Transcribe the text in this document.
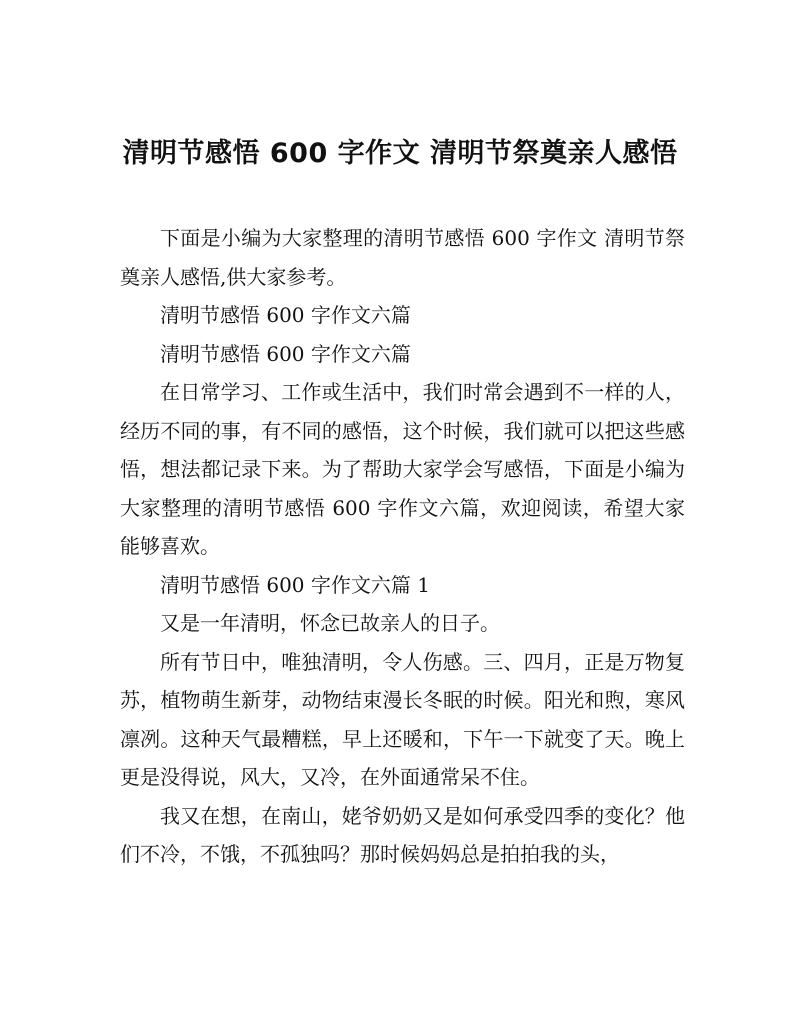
清明节感悟 600 字作文 清明节祭奠亲人感悟

下面是小编为大家整理的清明节感悟 600 字作文 清明节祭奠亲人感悟,供大家参考。

清明节感悟 600 字作文六篇

清明节感悟 600 字作文六篇

在日常学习、工作或生活中，我们时常会遇到不一样的人，经历不同的事，有不同的感悟，这个时候，我们就可以把这些感悟，想法都记录下来。为了帮助大家学会写感悟，下面是小编为大家整理的清明节感悟 600 字作文六篇，欢迎阅读，希望大家能够喜欢。

清明节感悟 600 字作文六篇 1

又是一年清明，怀念已故亲人的日子。

所有节日中，唯独清明，令人伤感。三、四月，正是万物复苏，植物萌生新芽，动物结束漫长冬眠的时候。阳光和煦，寒风凛冽。这种天气最糟糕，早上还暖和，下午一下就变了天。晚上更是没得说，风大，又冷，在外面通常呆不住。

我又在想，在南山，姥爷奶奶又是如何承受四季的变化？他们不冷，不饿，不孤独吗？那时候妈妈总是拍拍我的头，
